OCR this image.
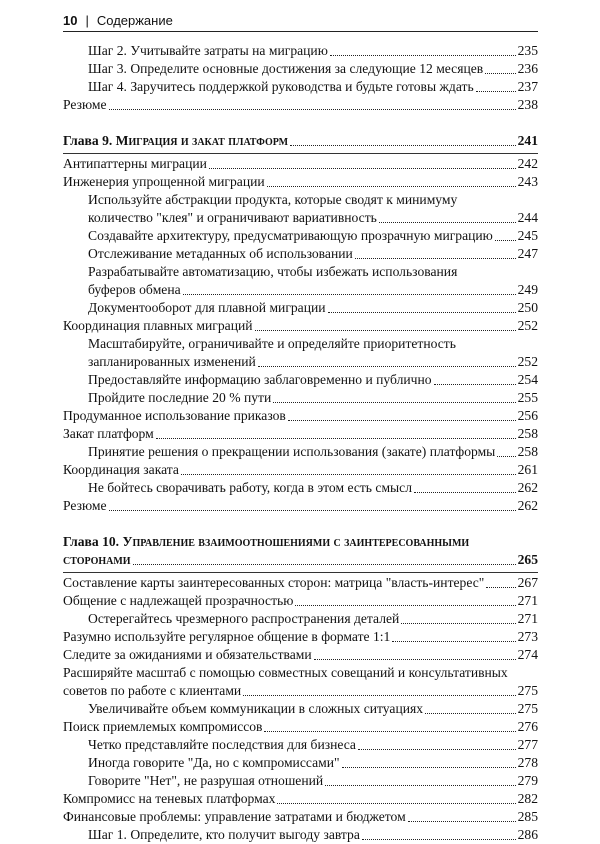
10 | Содержание
Шаг 2. Учитывайте затраты на миграцию	235
Шаг 3. Определите основные достижения за следующие 12 месяцев	236
Шаг 4. Заручитесь поддержкой руководства и будьте готовы ждать	237
Резюме	238
Глава 9. Миграция и закат платформ	241
Антипаттерны миграции	242
Инженерия упрощенной миграции	243
Используйте абстракции продукта, которые сводят к минимуму
количество "клея" и ограничивают вариативность	244
Создавайте архитектуру, предусматривающую прозрачную миграцию 245
Отслеживание метаданных об использовании	247
Разрабатывайте автоматизацию, чтобы избежать использования
буферов обмена	249
Документооборот для плавной миграции	250
Координация плавных миграций	252
Масштабируйте, ограничивайте и определяйте приоритетность
запланированных изменений	252
Предоставляйте информацию заблаговременно и публично	254
Пройдите последние 20 % пути	255
Продуманное использование приказов	256
Закат платформ	258
Принятие решения о прекращении использования (закате) платформы 258
Координация заката	261
Не бойтесь сворачивать работу, когда в этом есть смысл	262
Резюме	262
Глава 10. Управление взаимоотношениями с заинтересованными
сторонами	265
Составление карты заинтересованных сторон: матрица "власть-интерес" 267
Общение с надлежащей прозрачностью	271
Остерегайтесь чрезмерного распространения деталей	271
Разумно используйте регулярное общение в формате 1:1	273
Следите за ожиданиями и обязательствами	274
Расширяйте масштаб с помощью совместных совещаний и консультативных
советов по работе с клиентами	275
Увеличивайте объем коммуникации в сложных ситуациях	275
Поиск приемлемых компромиссов	276
Четко представляйте последствия для бизнеса	277
Иногда говорите "Да, но с компромиссами"	278
Говорите "Нет", не разрушая отношений	279
Компромисс на теневых платформах	282
Финансовые проблемы: управление затратами и бюджетом	285
Шаг 1. Определите, кто получит выгоду завтра	286
